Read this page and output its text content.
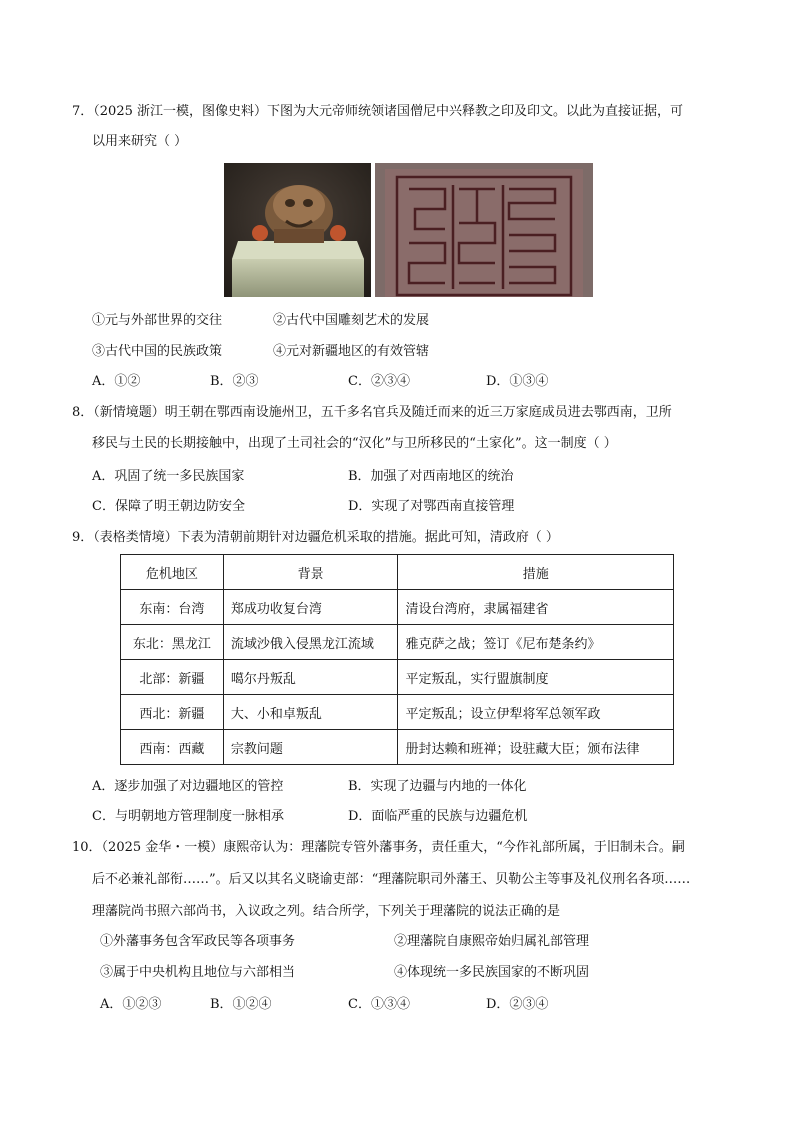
7．（2025 浙江一模，图像史料）下图为大元帝师统领诸国僧尼中兴释教之印及印文。以此为直接证据，可
以用来研究（ ）
①元与外部世界的交往	②古代中国雕刻艺术的发展
③古代中国的民族政策	④元对新疆地区的有效管辖
A．①②	B．②③	C．②③④	D．①③④
8．（新情境题）明王朝在鄂西南设施州卫，五千多名官兵及随迁而来的近三万家庭成员进去鄂西南，卫所
移民与土民的长期接触中，出现了土司社会的“汉化”与卫所移民的“土家化”。这一制度（ ）
A．巩固了统一多民族国家	B．加强了对西南地区的统治
C．保障了明王朝边防安全	D．实现了对鄂西南直接管理
9．（表格类情境）下表为清朝前期针对边疆危机采取的措施。据此可知，清政府（ ）
危机地区	背景	措施
东南：台湾	郑成功收复台湾	清设台湾府，隶属福建省
东北：黑龙江	流域沙俄入侵黑龙江流域	雅克萨之战；签订《尼布楚条约》
北部：新疆	噶尔丹叛乱	平定叛乱，实行盟旗制度
西北：新疆	大、小和卓叛乱	平定叛乱；设立伊犁将军总领军政
西南：西藏	宗教问题	册封达赖和班禅；设驻藏大臣；颁布法律
A．逐步加强了对边疆地区的管控	B．实现了边疆与内地的一体化
C．与明朝地方管理制度一脉相承	D．面临严重的民族与边疆危机
10．（2025 金华・一模）康熙帝认为：理藩院专管外藩事务，责任重大，“今作礼部所属，于旧制未合。嗣
后不必兼礼部衔……”。后又以其名义晓谕吏部：“理藩院职司外藩王、贝勒公主等事及礼仪刑名各项……
理藩院尚书照六部尚书，入议政之列。结合所学，下列关于理藩院的说法正确的是
①外藩事务包含军政民等各项事务	②理藩院自康熙帝始归属礼部管理
③属于中央机构且地位与六部相当	④体现统一多民族国家的不断巩固
A．①②③	B．①②④	C．①③④	D．②③④
